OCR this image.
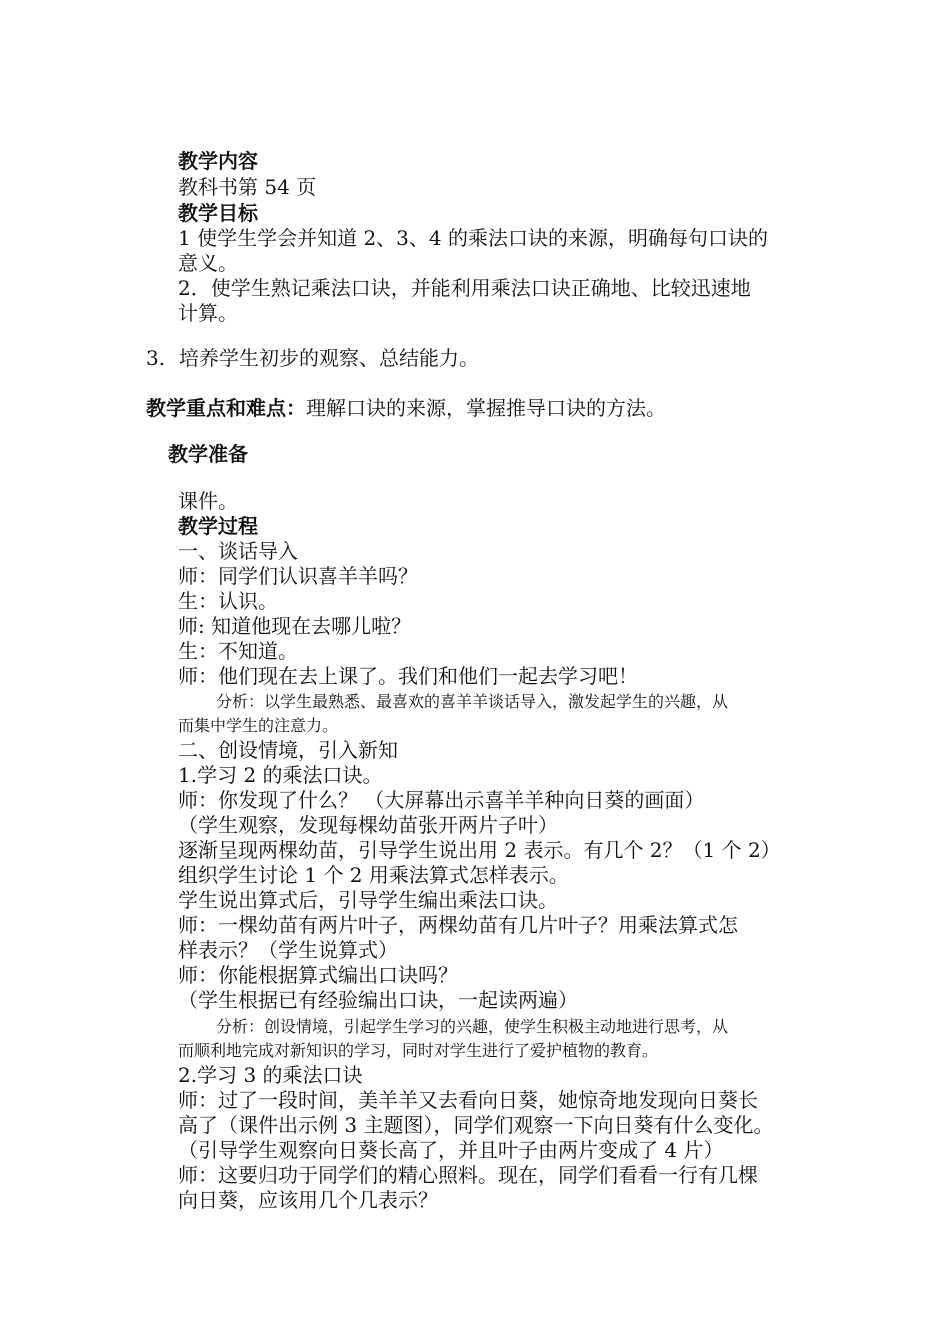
教学内容
教科书第 54 页
教学目标
1 使学生学会并知道 2、3、4 的乘法口诀的来源，明确每句口诀的
意义。
2．使学生熟记乘法口诀，并能利用乘法口诀正确地、比较迅速地
计算。
3. 培养学生初步的观察、总结能力。
教学重点和难点：理解口诀的来源，掌握推导口诀的方法。
教学准备
课件。
教学过程
一、谈话导入
师：同学们认识喜羊羊吗？
生：认识。
师: 知道他现在去哪儿啦？
生：不知道。
师：他们现在去上课了。我们和他们一起去学习吧！
分析：以学生最熟悉、最喜欢的喜羊羊谈话导入，激发起学生的兴趣，从
而集中学生的注意力。
二、创设情境，引入新知
1.学习 2 的乘法口诀。
师：你发现了什么？ （大屏幕出示喜羊羊种向日葵的画面）
（学生观察，发现每棵幼苗张开两片子叶）
逐渐呈现两棵幼苗，引导学生说出用 2 表示。有几个 2？（1 个 2）
组织学生讨论 1 个 2 用乘法算式怎样表示。
学生说出算式后，引导学生编出乘法口诀。
师：一棵幼苗有两片叶子，两棵幼苗有几片叶子？用乘法算式怎
样表示？（学生说算式）
师：你能根据算式编出口诀吗？
（学生根据已有经验编出口诀，一起读两遍）
分析：创设情境，引起学生学习的兴趣，使学生积极主动地进行思考，从
而顺利地完成对新知识的学习，同时对学生进行了爱护植物的教育。
2.学习 3 的乘法口诀
师：过了一段时间，美羊羊又去看向日葵，她惊奇地发现向日葵长
高了（课件出示例 3 主题图），同学们观察一下向日葵有什么变化。
（引导学生观察向日葵长高了，并且叶子由两片变成了 4 片）
师：这要归功于同学们的精心照料。现在，同学们看看一行有几棵
向日葵，应该用几个几表示？
